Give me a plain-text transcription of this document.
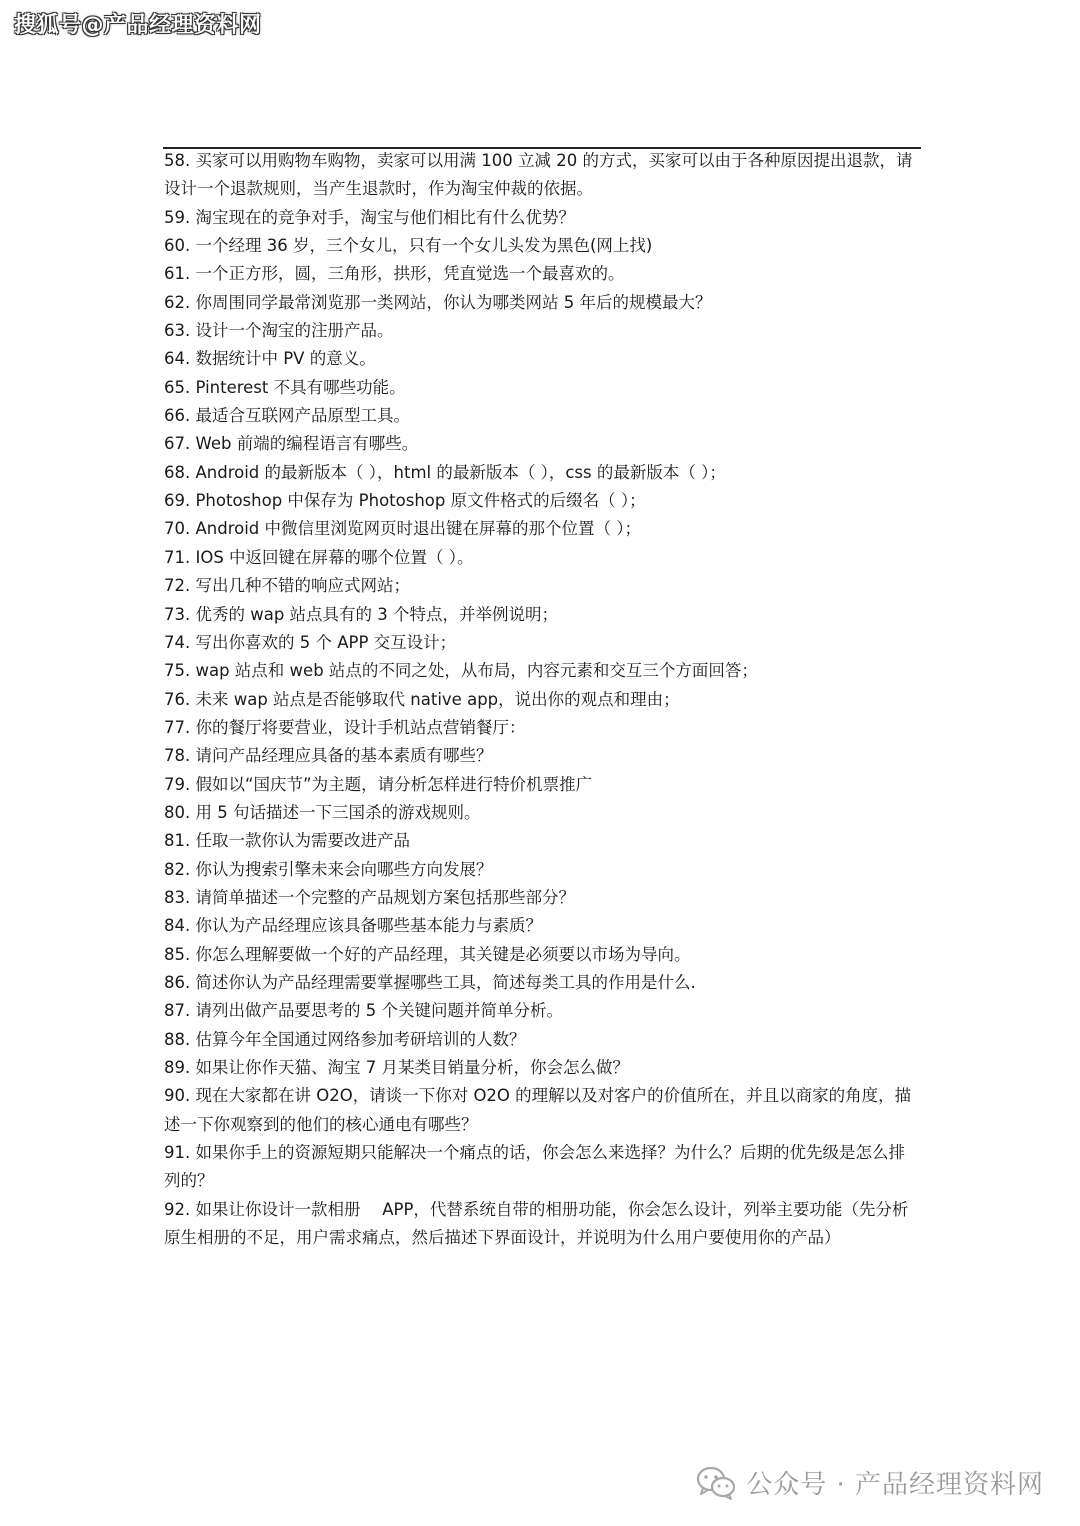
搜狐号@产品经理资料网
58. 买家可以用购物车购物，卖家可以用满 100 立减 20 的方式，买家可以由于各种原因提出退款，请设计一个退款规则，当产生退款时，作为淘宝仲裁的依据。
59. 淘宝现在的竞争对手，淘宝与他们相比有什么优势？
60. 一个经理 36 岁，三个女儿，只有一个女儿头发为黑色(网上找)
61. 一个正方形，圆，三角形，拱形，凭直觉选一个最喜欢的。
62. 你周围同学最常浏览那一类网站，你认为哪类网站 5 年后的规模最大？
63. 设计一个淘宝的注册产品。
64. 数据统计中 PV 的意义。
65. Pinterest 不具有哪些功能。
66. 最适合互联网产品原型工具。
67. Web 前端的编程语言有哪些。
68. Android 的最新版本（ ），html 的最新版本（ ），css 的最新版本（ ）；
69. Photoshop 中保存为 Photoshop 原文件格式的后缀名（ ）；
70. Android 中微信里浏览网页时退出键在屏幕的那个位置（ ）；
71. IOS 中返回键在屏幕的哪个位置（ ）。
72. 写出几种不错的响应式网站；
73. 优秀的 wap 站点具有的 3 个特点，并举例说明；
74. 写出你喜欢的 5 个 APP 交互设计；
75. wap 站点和 web 站点的不同之处，从布局，内容元素和交互三个方面回答；
76. 未来 wap 站点是否能够取代 native app，说出你的观点和理由；
77. 你的餐厅将要营业，设计手机站点营销餐厅：
78. 请问产品经理应具备的基本素质有哪些？
79. 假如以“国庆节”为主题，请分析怎样进行特价机票推广
80. 用 5 句话描述一下三国杀的游戏规则。
81. 任取一款你认为需要改进产品
82. 你认为搜索引擎未来会向哪些方向发展？
83. 请简单描述一个完整的产品规划方案包括那些部分？
84. 你认为产品经理应该具备哪些基本能力与素质？
85. 你怎么理解要做一个好的产品经理，其关键是必须要以市场为导向。
86. 简述你认为产品经理需要掌握哪些工具，简述每类工具的作用是什么.
87. 请列出做产品要思考的 5 个关键问题并简单分析。
88. 估算今年全国通过网络参加考研培训的人数？
89. 如果让你作天猫、淘宝 7 月某类目销量分析，你会怎么做？
90. 现在大家都在讲 O2O，请谈一下你对 O2O 的理解以及对客户的价值所在，并且以商家的角度，描述一下你观察到的他们的核心通电有哪些？
91. 如果你手上的资源短期只能解决一个痛点的话，你会怎么来选择？为什么？后期的优先级是怎么排列的？
92. 如果让你设计一款相册　 APP，代替系统自带的相册功能，你会怎么设计，列举主要功能（先分析原生相册的不足，用户需求痛点，然后描述下界面设计，并说明为什么用户要使用你的产品）
公众号 · 产品经理资料网
